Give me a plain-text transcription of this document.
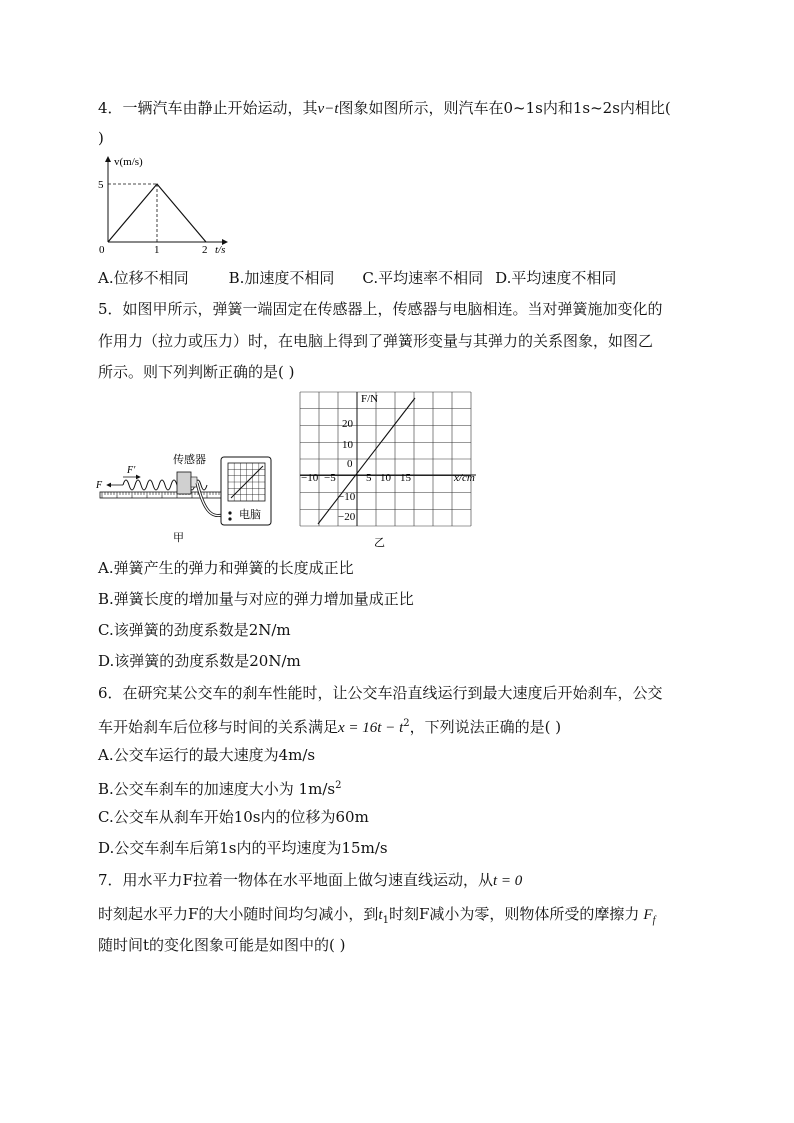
4．一辆汽车由静止开始运动，其v−t图象如图所示，则汽车在0~1s内和1s~2s内相比(
)
v(m/s)
5
0	1	2 t/s
A.位移不相同	B.加速度不相同 C.平均速率不相同 D.平均速度不相同
5．如图甲所示，弹簧一端固定在传感器上，传感器与电脑相连。当对弹簧施加变化的
作用力（拉力或压力）时，在电脑上得到了弹簧形变量与其弹力的关系图象，如图乙
所示。则下列判断正确的是( )
F
F′
传感器
电脑
甲
F/N
x/cm
20
10
0
−10
−20
−10 −5	5 10 15
乙
A.弹簧产生的弹力和弹簧的长度成正比
B.弹簧长度的增加量与对应的弹力增加量成正比
C.该弹簧的劲度系数是2N/m
D.该弹簧的劲度系数是20N/m
6．在研究某公交车的刹车性能时，让公交车沿直线运行到最大速度后开始刹车，公交
车开始刹车后位移与时间的关系满足$x = 16t - t^2$，下列说法正确的是( )
A.公交车运行的最大速度为4m/s
B.公交车刹车的加速度大小为 $1m/s^2$
C.公交车从刹车开始10s内的位移为60m
D.公交车刹车后第1s内的平均速度为15m/s
7．用水平力F拉着一物体在水平地面上做匀速直线运动，从t = 0
时刻起水平力F的大小随时间均匀减小，到$t_1$时刻F减小为零，则物体所受的摩擦力 $F_f$
随时间t的变化图象可能是如图中的( )
